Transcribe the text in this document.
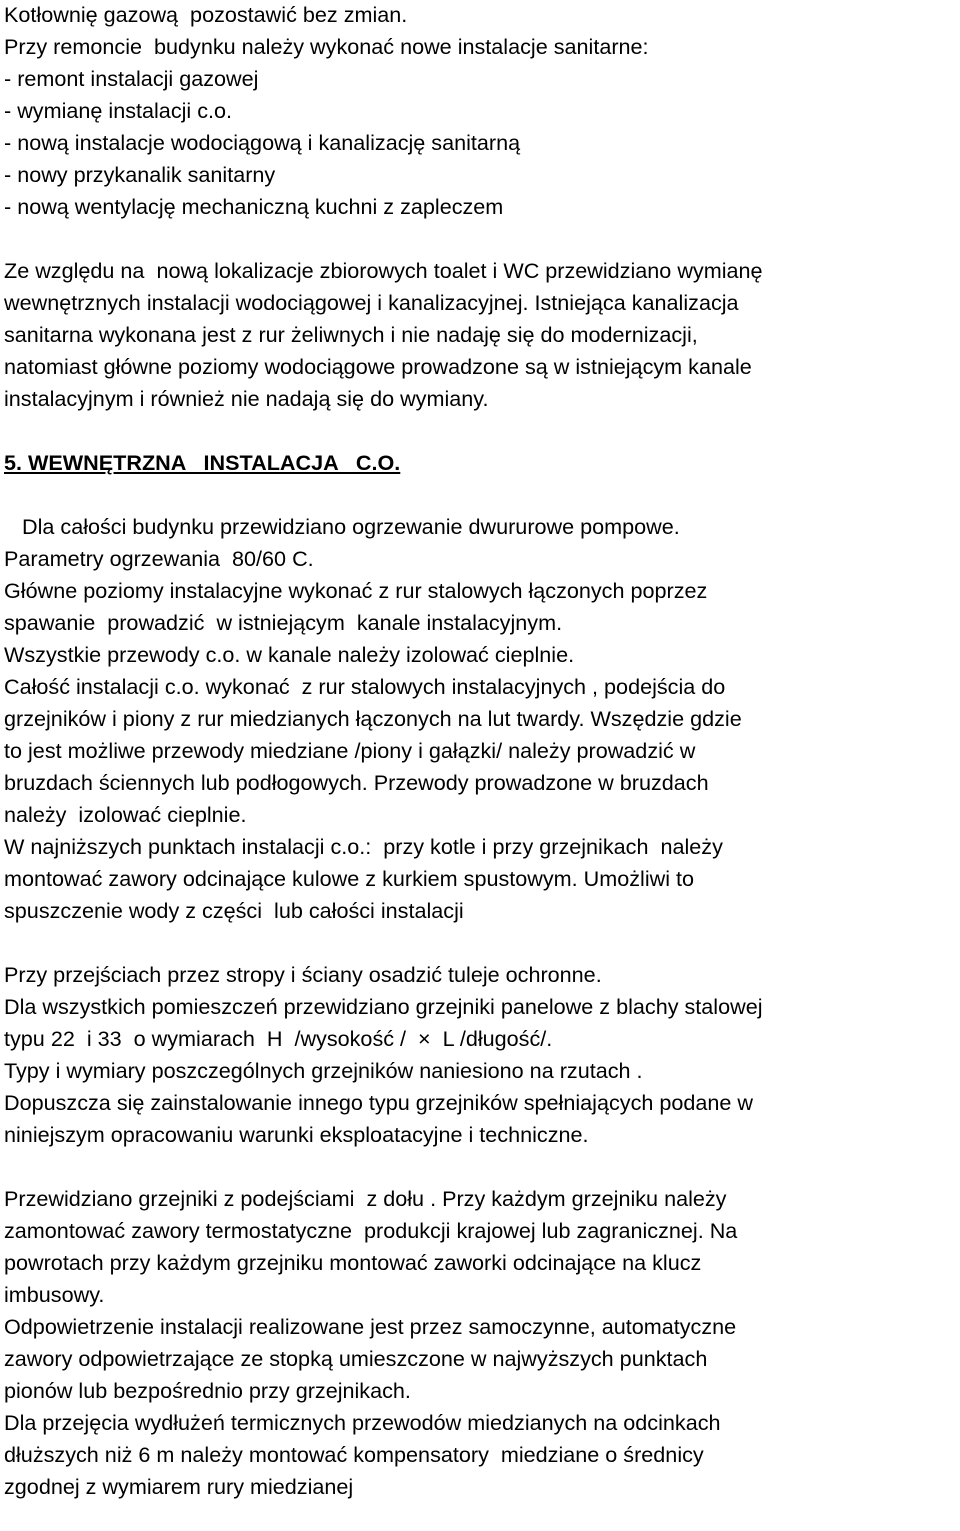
Kotłownię gazową  pozostawić bez zmian.
Przy remoncie  budynku należy wykonać nowe instalacje sanitarne:
- remont instalacji gazowej
- wymianę instalacji c.o.
- nową instalacje wodociągową i kanalizację sanitarną
- nowy przykanalik sanitarny
- nową wentylację mechaniczną kuchni z zapleczem
Ze względu na  nową lokalizacje zbiorowych toalet i WC przewidziano wymianę
wewnętrznych instalacji wodociągowej i kanalizacyjnej. Istniejąca kanalizacja
sanitarna wykonana jest z rur żeliwnych i nie nadaję się do modernizacji,
natomiast główne poziomy wodociągowe prowadzone są w istniejącym kanale
instalacyjnym i również nie nadają się do wymiany.
5. WEWNĘTRZNA   INSTALACJA   C.O.
Dla całości budynku przewidziano ogrzewanie dwururowe pompowe.
Parametry ogrzewania  80/60 C.
Główne poziomy instalacyjne wykonać z rur stalowych łączonych poprzez
spawanie  prowadzić  w istniejącym  kanale instalacyjnym.
Wszystkie przewody c.o. w kanale należy izolować cieplnie.
Całość instalacji c.o. wykonać  z rur stalowych instalacyjnych , podejścia do
grzejników i piony z rur miedzianych łączonych na lut twardy. Wszędzie gdzie
to jest możliwe przewody miedziane /piony i gałązki/ należy prowadzić w
bruzdach ściennych lub podłogowych. Przewody prowadzone w bruzdach
należy  izolować cieplnie.
W najniższych punktach instalacji c.o.:  przy kotle i przy grzejnikach  należy
montować zawory odcinające kulowe z kurkiem spustowym. Umożliwi to
spuszczenie wody z części  lub całości instalacji
Przy przejściach przez stropy i ściany osadzić tuleje ochronne.
Dla wszystkich pomieszczeń przewidziano grzejniki panelowe z blachy stalowej
typu 22  i 33  o wymiarach  H  /wysokość /  ×  L /długość/.
Typy i wymiary poszczególnych grzejników naniesiono na rzutach .
Dopuszcza się zainstalowanie innego typu grzejników spełniających podane w
niniejszym opracowaniu warunki eksploatacyjne i techniczne.
Przewidziano grzejniki z podejściami  z dołu . Przy każdym grzejniku należy
zamontować zawory termostatyczne  produkcji krajowej lub zagranicznej. Na
powrotach przy każdym grzejniku montować zaworki odcinające na klucz
imbusowy.
Odpowietrzenie instalacji realizowane jest przez samoczynne, automatyczne
zawory odpowietrzające ze stopką umieszczone w najwyższych punktach
pionów lub bezpośrednio przy grzejnikach.
Dla przejęcia wydłużeń termicznych przewodów miedzianych na odcinkach
dłuższych niż 6 m należy montować kompensatory  miedziane o średnicy
zgodnej z wymiarem rury miedzianej
